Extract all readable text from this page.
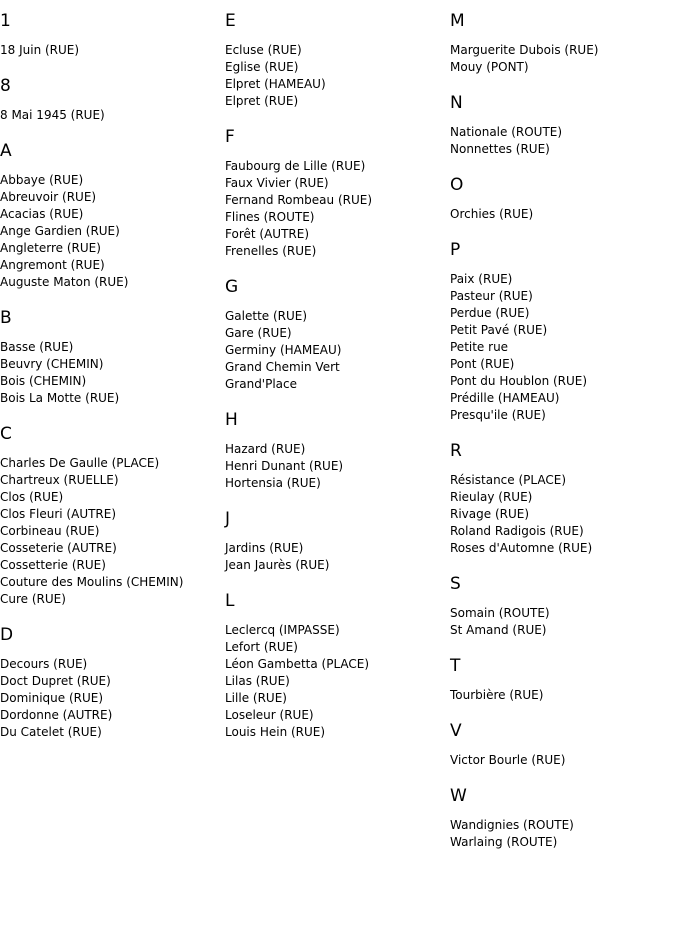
1
18 Juin (RUE)
8
8 Mai 1945 (RUE)
A
Abbaye (RUE)
Abreuvoir (RUE)
Acacias (RUE)
Ange Gardien (RUE)
Angleterre (RUE)
Angremont (RUE)
Auguste Maton (RUE)
B
Basse (RUE)
Beuvry (CHEMIN)
Bois (CHEMIN)
Bois La Motte (RUE)
C
Charles De Gaulle (PLACE)
Chartreux (RUELLE)
Clos (RUE)
Clos Fleuri (AUTRE)
Corbineau (RUE)
Cosseterie (AUTRE)
Cossetterie (RUE)
Couture des Moulins (CHEMIN)
Cure (RUE)
D
Decours (RUE)
Doct Dupret (RUE)
Dominique (RUE)
Dordonne (AUTRE)
Du Catelet (RUE)
E
Ecluse (RUE)
Eglise (RUE)
Elpret (HAMEAU)
Elpret (RUE)
F
Faubourg de Lille (RUE)
Faux Vivier (RUE)
Fernand Rombeau (RUE)
Flines (ROUTE)
Forêt (AUTRE)
Frenelles (RUE)
G
Galette (RUE)
Gare (RUE)
Germiny (HAMEAU)
Grand Chemin Vert
Grand'Place
H
Hazard (RUE)
Henri Dunant (RUE)
Hortensia (RUE)
J
Jardins (RUE)
Jean Jaurès (RUE)
L
Leclercq (IMPASSE)
Lefort (RUE)
Léon Gambetta (PLACE)
Lilas (RUE)
Lille (RUE)
Loseleur (RUE)
Louis Hein (RUE)
M
Marguerite Dubois (RUE)
Mouy (PONT)
N
Nationale (ROUTE)
Nonnettes (RUE)
O
Orchies (RUE)
P
Paix (RUE)
Pasteur (RUE)
Perdue (RUE)
Petit Pavé (RUE)
Petite rue
Pont (RUE)
Pont du Houblon (RUE)
Prédille (HAMEAU)
Presqu'ile (RUE)
R
Résistance (PLACE)
Rieulay (RUE)
Rivage (RUE)
Roland Radigois (RUE)
Roses d'Automne (RUE)
S
Somain (ROUTE)
St Amand (RUE)
T
Tourbière (RUE)
V
Victor Bourle (RUE)
W
Wandignies (ROUTE)
Warlaing (ROUTE)
